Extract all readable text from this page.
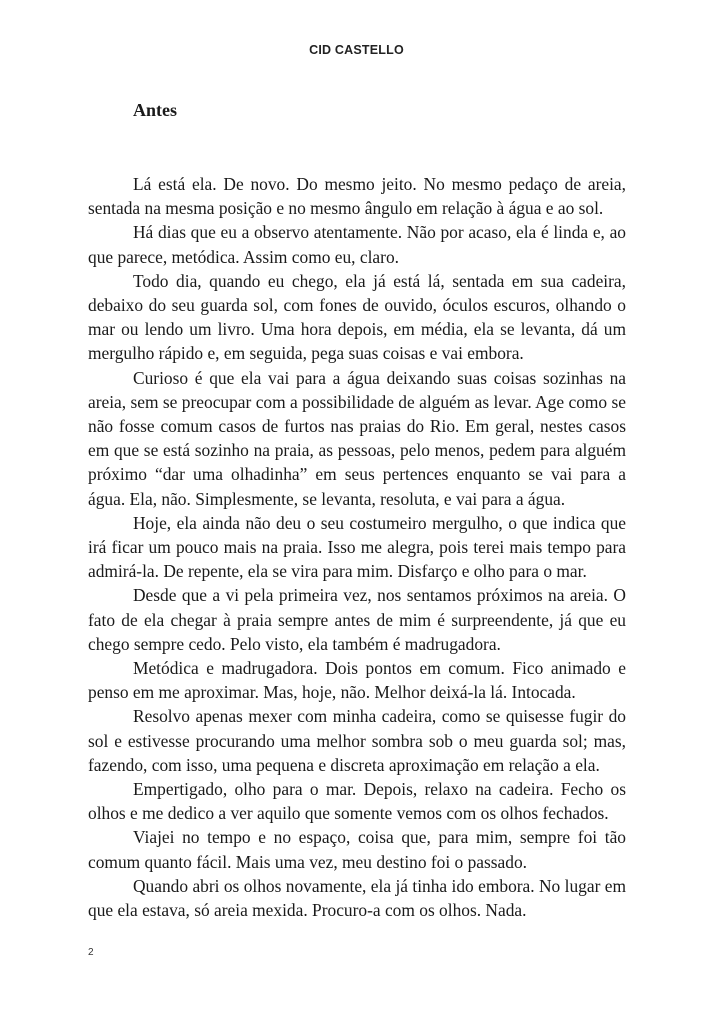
CID CASTELLO
Antes

Lá está ela. De novo. Do mesmo jeito. No mesmo pedaço de areia, sentada na mesma posição e no mesmo ângulo em relação à água e ao sol.

Há dias que eu a observo atentamente. Não por acaso, ela é linda e, ao que parece, metódica. Assim como eu, claro.

Todo dia, quando eu chego, ela já está lá, sentada em sua cadeira, debaixo do seu guarda sol, com fones de ouvido, óculos escuros, olhando o mar ou lendo um livro. Uma hora depois, em média, ela se levanta, dá um mergulho rápido e, em seguida, pega suas coisas e vai embora.

Curioso é que ela vai para a água deixando suas coisas sozinhas na areia, sem se preocupar com a possibilidade de alguém as levar. Age como se não fosse comum casos de furtos nas praias do Rio. Em geral, nestes casos em que se está sozinho na praia, as pessoas, pelo menos, pedem para alguém próximo “dar uma olhadinha” em seus pertences enquanto se vai para a água. Ela, não. Simplesmente, se levanta, resoluta, e vai para a água.

Hoje, ela ainda não deu o seu costumeiro mergulho, o que indica que irá ficar um pouco mais na praia. Isso me alegra, pois terei mais tempo para admirá-la. De repente, ela se vira para mim. Disfarço e olho para o mar.

Desde que a vi pela primeira vez, nos sentamos próximos na areia. O fato de ela chegar à praia sempre antes de mim é surpreendente, já que eu chego sempre cedo. Pelo visto, ela também é madrugadora.

Metódica e madrugadora. Dois pontos em comum. Fico animado e penso em me aproximar. Mas, hoje, não. Melhor deixá-la lá. Intocada.

Resolvo apenas mexer com minha cadeira, como se quisesse fugir do sol e estivesse procurando uma melhor sombra sob o meu guarda sol; mas, fazendo, com isso, uma pequena e discreta aproximação em relação a ela.

Empertigado, olho para o mar. Depois, relaxo na cadeira. Fecho os olhos e me dedico a ver aquilo que somente vemos com os olhos fechados.

Viajei no tempo e no espaço, coisa que, para mim, sempre foi tão comum quanto fácil. Mais uma vez, meu destino foi o passado.

Quando abri os olhos novamente, ela já tinha ido embora. No lugar em que ela estava, só areia mexida. Procuro-a com os olhos. Nada.

2
